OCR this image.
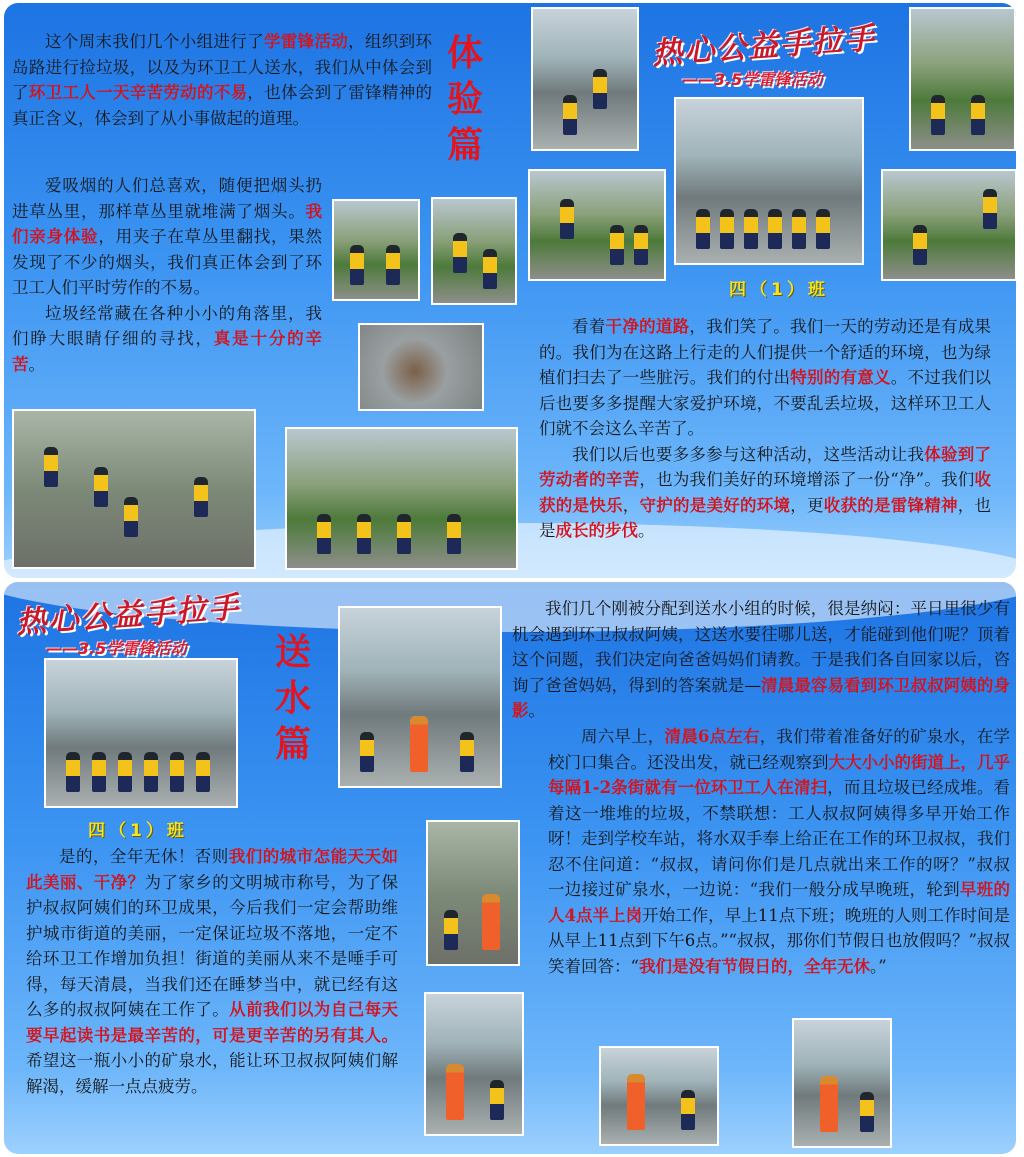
这个周末我们几个小组进行了学雷锋活动，组织到环岛路进行捡垃圾，以及为环卫工人送水，我们从中体会到了环卫工人一天辛苦劳动的不易，也体会到了雷锋精神的真正含义，体会到了从小事做起的道理。

体
验
篇

爱吸烟的人们总喜欢，随便把烟头扔进草丛里，那样草丛里就堆满了烟头。我们亲身体验，用夹子在草丛里翻找，果然发现了不少的烟头，我们真正体会到了环卫工人们平时劳作的不易。

垃圾经常藏在各种小小的角落里，我们睁大眼睛仔细的寻找，真是十分的辛苦。

热心公益手拉手
——3.5学雷锋活动
四（1）班

看着干净的道路，我们笑了。我们一天的劳动还是有成果的。我们为在这路上行走的人们提供一个舒适的环境，也为绿植们扫去了一些脏污。我们的付出特别的有意义。不过我们以后也要多多提醒大家爱护环境，不要乱丢垃圾，这样环卫工人们就不会这么辛苦了。

我们以后也要多多参与这种活动，这些活动让我体验到了劳动者的辛苦，也为我们美好的环境增添了一份“净”。我们收获的是快乐，守护的是美好的环境，更收获的是雷锋精神，也是成长的步伐。

热心公益手拉手
——3.5学雷锋活动
四（1）班
送
水
篇

是的，全年无休！否则我们的城市怎能天天如此美丽、干净？为了家乡的文明城市称号，为了保护叔叔阿姨们的环卫成果，今后我们一定会帮助维护城市街道的美丽，一定保证垃圾不落地，一定不给环卫工作增加负担！街道的美丽从来不是唾手可得，每天清晨，当我们还在睡梦当中，就已经有这么多的叔叔阿姨在工作了。从前我们以为自己每天要早起读书是最辛苦的，可是更辛苦的另有其人。希望这一瓶小小的矿泉水，能让环卫叔叔阿姨们解解渴，缓解一点点疲劳。

我们几个刚被分配到送水小组的时候，很是纳闷：平日里很少有机会遇到环卫叔叔阿姨，这送水要往哪儿送，才能碰到他们呢？顶着这个问题，我们决定向爸爸妈妈们请教。于是我们各自回家以后，咨询了爸爸妈妈，得到的答案就是—清晨最容易看到环卫叔叔阿姨的身影。

周六早上，清晨6点左右，我们带着准备好的矿泉水，在学校门口集合。还没出发，就已经观察到大大小小的街道上，几乎每隔1-2条街就有一位环卫工人在清扫，而且垃圾已经成堆。看着这一堆堆的垃圾，不禁联想：工人叔叔阿姨得多早开始工作呀！走到学校车站，将水双手奉上给正在工作的环卫叔叔，我们忍不住问道：“叔叔，请问你们是几点就出来工作的呀？”叔叔一边接过矿泉水，一边说：“我们一般分成早晚班，轮到早班的人4点半上岗开始工作，早上11点下班；晚班的人则工作时间是从早上11点到下午6点。”“叔叔，那你们节假日也放假吗？”叔叔笑着回答：“我们是没有节假日的，全年无休。”
